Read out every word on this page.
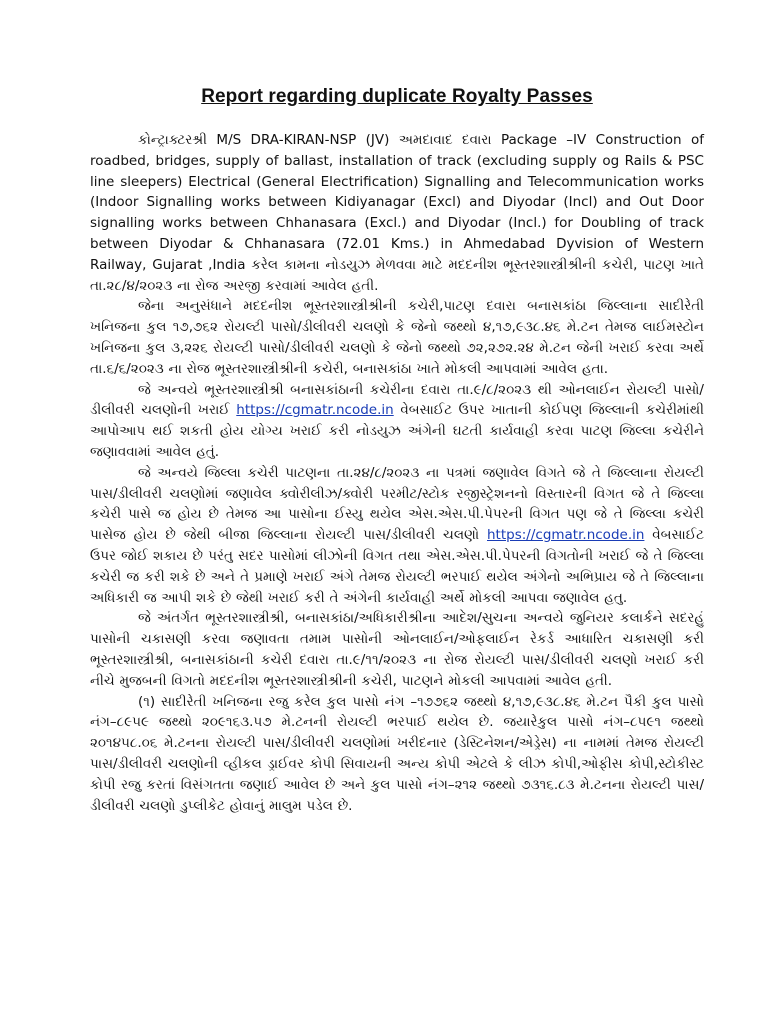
Report regarding duplicate Royalty Passes

કોન્ટ્રાક્ટરશ્રી M/S DRA-KIRAN-NSP (JV) અમદાવાદ દવારા Package –IV Construction of roadbed, bridges, supply of ballast, installation of track (excluding supply og Rails & PSC line sleepers) Electrical (General Electrification) Signalling and Telecommunication works (Indoor Signalling works between Kidiyanagar (Excl) and Diyodar (Incl) and Out Door signalling works between Chhanasara (Excl.) and Diyodar (Incl.) for Doubling of track between Diyodar & Chhanasara (72.01 Kms.) in Ahmedabad Dyvision of Western Railway, Gujarat ,India કરેલ કામના નોડયુઝ મેળવવા માટે મદદનીશ ભૂસ્તરશાસ્ત્રીશ્રીની કચેરી, પાટણ ખાતે તા.૨૮/૪/૨૦૨૩ ના રોજ અરજી કરવામાં આવેલ હતી.

જેના અનુસંધાને મદદનીશ ભૂસ્તરશાસ્ત્રીશ્રીની કચેરી,પાટણ દવારા બનાસકાંઠા જિલ્લાના સાદીરેતી ખનિજના કુલ ૧૭,૭૬૨ રોયલ્ટી પાસો/ડીલીવરી ચલણો કે જેનો જથ્થો ૪,૧૭,૯૩૮.૪૬ મે.ટન તેમજ લાઈમસ્ટોન ખનિજના કુલ ૩,૨૨૬ રોયલ્ટી પાસો/ડીલીવરી ચલણો કે જેનો જથ્થો ૭૨,૨૭૨.૨૪ મે.ટન જેની ખરાઈ કરવા અર્થે તા.૬/૬/૨૦૨૩ ના રોજ ભૂસ્તરશાસ્ત્રીશ્રીની કચેરી, બનાસકાંઠા ખાતે મોકલી આપવામાં આવેલ હતા.

જે અન્વયે ભૂસ્તરશાસ્ત્રીશ્રી બનાસકાંઠાની કચેરીના દવારા તા.૯/૮/૨૦૨૩ થી ઓનલાઈન રોયલ્ટી પાસો/ડીલીવરી ચલણોની ખરાઈ https://cgmatr.ncode.in વેબસાઈટ ઉપર ખાતાની કોઈપણ જિલ્લાની કચેરીમાંથી આપોઆપ થઈ શકતી હોય યોગ્ય ખરાઈ કરી નોડયુઝ અંગેની ઘટતી કાર્યવાહી કરવા પાટણ જિલ્લા કચેરીને જણાવવામાં આવેલ હતું.

જે અન્વયે જિલ્લા કચેરી પાટણના તા.૨૪/૮/૨૦૨૩ ના પત્રમાં જણાવેલ વિગતે જે તે જિલ્લાના રોયલ્ટી પાસ/ડીલીવરી ચલણોમાં જણાવેલ ક્વોરીલીઝ/ક્વોરી પરમીટ/સ્ટોક રજીસ્ટ્રેશનનો વિસ્તારની વિગત જે તે જિલ્લા કચેરી પાસે જ હોય છે તેમજ આ પાસોના ઈસ્યુ થયેલ એસ.એસ.પી.પેપરની વિગત પણ જે તે જિલ્લા કચેરી પાસેજ હોય છે જેથી બીજા જિલ્લાના રોયલ્ટી પાસ/ડીલીવરી ચલણો https://cgmatr.ncode.in વેબસાઈટ ઉપર જોઈ શકાય છે પરંતુ સદર પાસોમાં લીઝોની વિગત તથા એસ.એસ.પી.પેપરની વિગતોની ખરાઈ જે તે જિલ્લા કચેરી જ કરી શકે છે અને તે પ્રમાણે ખરાઈ અંગે તેમજ રોયલ્ટી ભરપાઈ થયેલ અંગેનો અભિપ્રાય જે તે જિલ્લાના અધિકારી જ આપી શકે છે જેથી ખરાઈ કરી તે અંગેની કાર્યવાહી અર્થે મોકલી આપવા જણાવેલ હતુ.

જે અંતર્ગત ભૂસ્તરશાસ્ત્રીશ્રી, બનાસકાંઠા/અધિકારીશ્રીના આદેશ/સુચના અન્વયે જુનિયર કલાર્કને સદરહું પાસોની ચકાસણી કરવા જણાવતા તમામ પાસોની ઓનલાઈન/ઓફલાઈન રેકર્ડ આધારિત ચકાસણી કરી ભૂસ્તરશાસ્ત્રીશ્રી, બનાસકાંઠાની કચેરી દવારા તા.૯/૧૧/૨૦૨૩ ના રોજ રોયલ્ટી પાસ/ડીલીવરી ચલણો ખરાઈ કરી નીચે મુજબની વિગતો મદદનીશ ભૂસ્તરશાસ્ત્રીશ્રીની કચેરી, પાટણને મોકલી આપવામાં આવેલ હતી.

(૧) સાદીરેતી ખનિજના રજુ કરેલ કુલ પાસો નંગ –૧૭૭૬૨ જથ્થો ૪,૧૭,૯૩૮.૪૬ મે.ટન પૈકી કુલ પાસો નંગ–૮૯૫૯ જથ્થો ૨૦૯૧૬૩.૫૭ મે.ટનની રોયલ્ટી ભરપાઈ થયેલ છે. જયારેકુલ પાસો નંગ–૮૫૯૧ જથ્થો ૨૦૧૪૫૮.૦૬ મે.ટનના રોયલ્ટી પાસ/ડીલીવરી ચલણોમાં ખરીદનાર (ડેસ્ટિનેશન/એડ્રેસ) ના નામમાં તેમજ રોયલ્ટી પાસ/ડીલીવરી ચલણોની વ્હીકલ ડ્રાઈવર કોપી સિવાયની અન્ય કોપી એટલે કે લીઝ કોપી,ઓફીસ કોપી,સ્ટોકીસ્ટ કોપી રજુ કરતાં વિસંગતતા જણાઈ આવેલ છે અને કુલ પાસો નંગ–૨૧૨ જથ્થો ૭૩૧૬.૮૩ મે.ટનના રોયલ્ટી પાસ/ડીલીવરી ચલણો ડુપ્લીકેટ હોવાનું માલુમ પડેલ છે.
